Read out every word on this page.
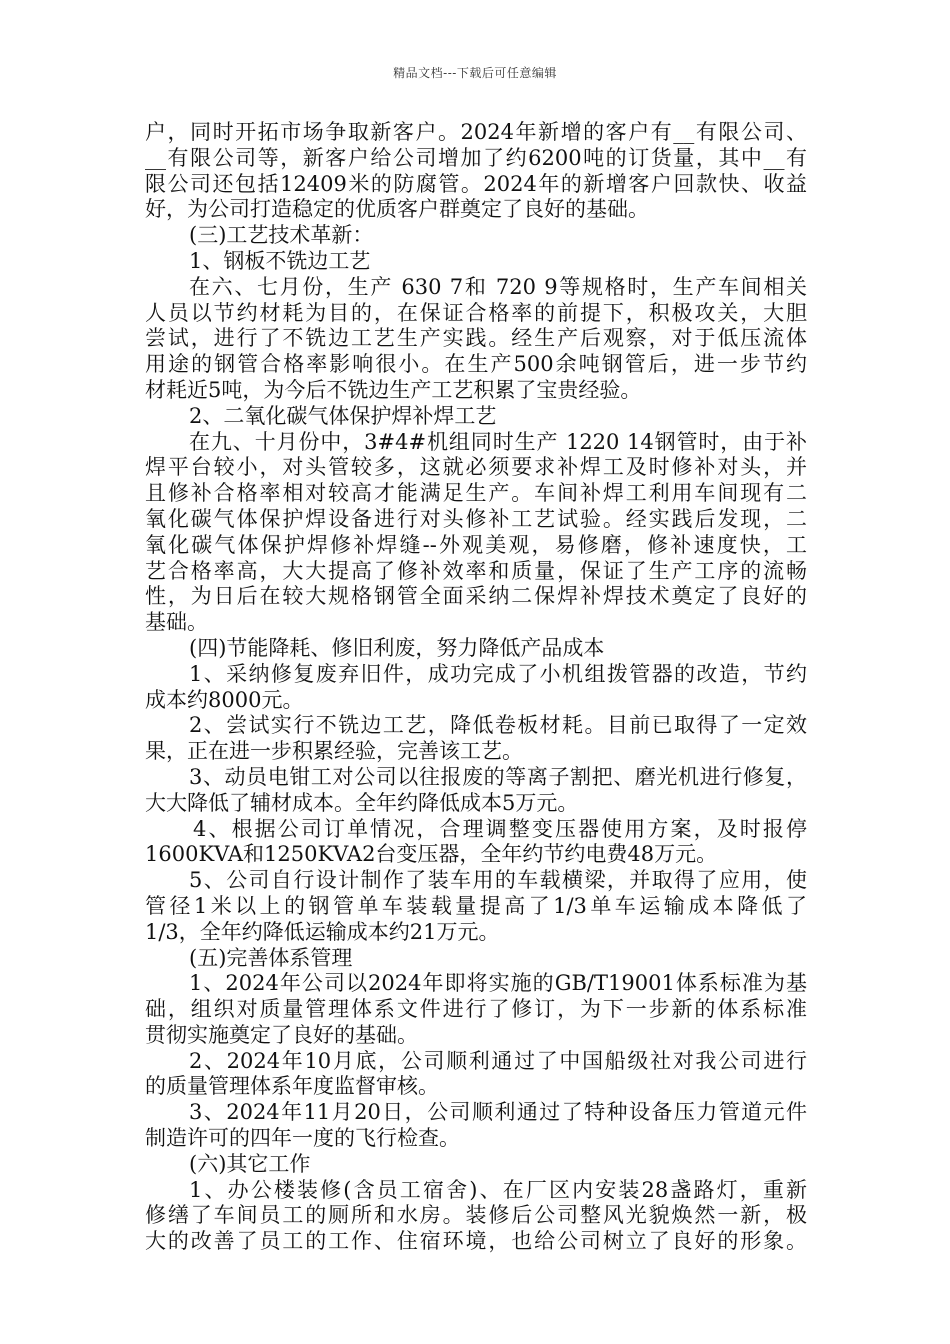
精品文档---下载后可任意编辑
户，同时开拓市场争取新客户。2024年新增的客户有__有限公司、
__有限公司等，新客户给公司增加了约6200吨的订货量，其中__有
限公司还包括12409米的防腐管。2024年的新增客户回款快、收益
好，为公司打造稳定的优质客户群奠定了良好的基础。
(三)工艺技术革新：
1、钢板不铣边工艺
在六、七月份，生产 630 7和 720 9等规格时，生产车间相关
人员以节约材耗为目的，在保证合格率的前提下，积极攻关，大胆
尝试，进行了不铣边工艺生产实践。经生产后观察，对于低压流体
用途的钢管合格率影响很小。在生产500余吨钢管后，进一步节约
材耗近5吨，为今后不铣边生产工艺积累了宝贵经验。
2、二氧化碳气体保护焊补焊工艺
在九、十月份中，3#4#机组同时生产 1220 14钢管时，由于补
焊平台较小，对头管较多，这就必须要求补焊工及时修补对头，并
且修补合格率相对较高才能满足生产。车间补焊工利用车间现有二
氧化碳气体保护焊设备进行对头修补工艺试验。经实践后发现，二
氧化碳气体保护焊修补焊缝--外观美观，易修磨，修补速度快，工
艺合格率高，大大提高了修补效率和质量，保证了生产工序的流畅
性，为日后在较大规格钢管全面采纳二保焊补焊技术奠定了良好的
基础。
(四)节能降耗、修旧利废，努力降低产品成本
1、采纳修复废弃旧件，成功完成了小机组拨管器的改造，节约
成本约8000元。
2、尝试实行不铣边工艺，降低卷板材耗。目前已取得了一定效
果，正在进一步积累经验，完善该工艺。
3、动员电钳工对公司以往报废的等离子割把、磨光机进行修复，
大大降低了辅材成本。全年约降低成本5万元。
4、根据公司订单情况，合理调整变压器使用方案，及时报停
1600KVA和1250KVA2台变压器，全年约节约电费48万元。
5、公司自行设计制作了装车用的车载横梁，并取得了应用，使
管径1米以上的钢管单车装载量提高了1/3单车运输成本降低了
1/3，全年约降低运输成本约21万元。
(五)完善体系管理
1、2024年公司以2024年即将实施的GB/T19001体系标准为基
础，组织对质量管理体系文件进行了修订，为下一步新的体系标准
贯彻实施奠定了良好的基础。
2、2024年10月底，公司顺利通过了中国船级社对我公司进行
的质量管理体系年度监督审核。
3、2024年11月20日，公司顺利通过了特种设备压力管道元件
制造许可的四年一度的飞行检查。
(六)其它工作
1、办公楼装修(含员工宿舍)、在厂区内安装28盏路灯，重新
修缮了车间员工的厕所和水房。装修后公司整风光貌焕然一新，极
大的改善了员工的工作、住宿环境，也给公司树立了良好的形象。
